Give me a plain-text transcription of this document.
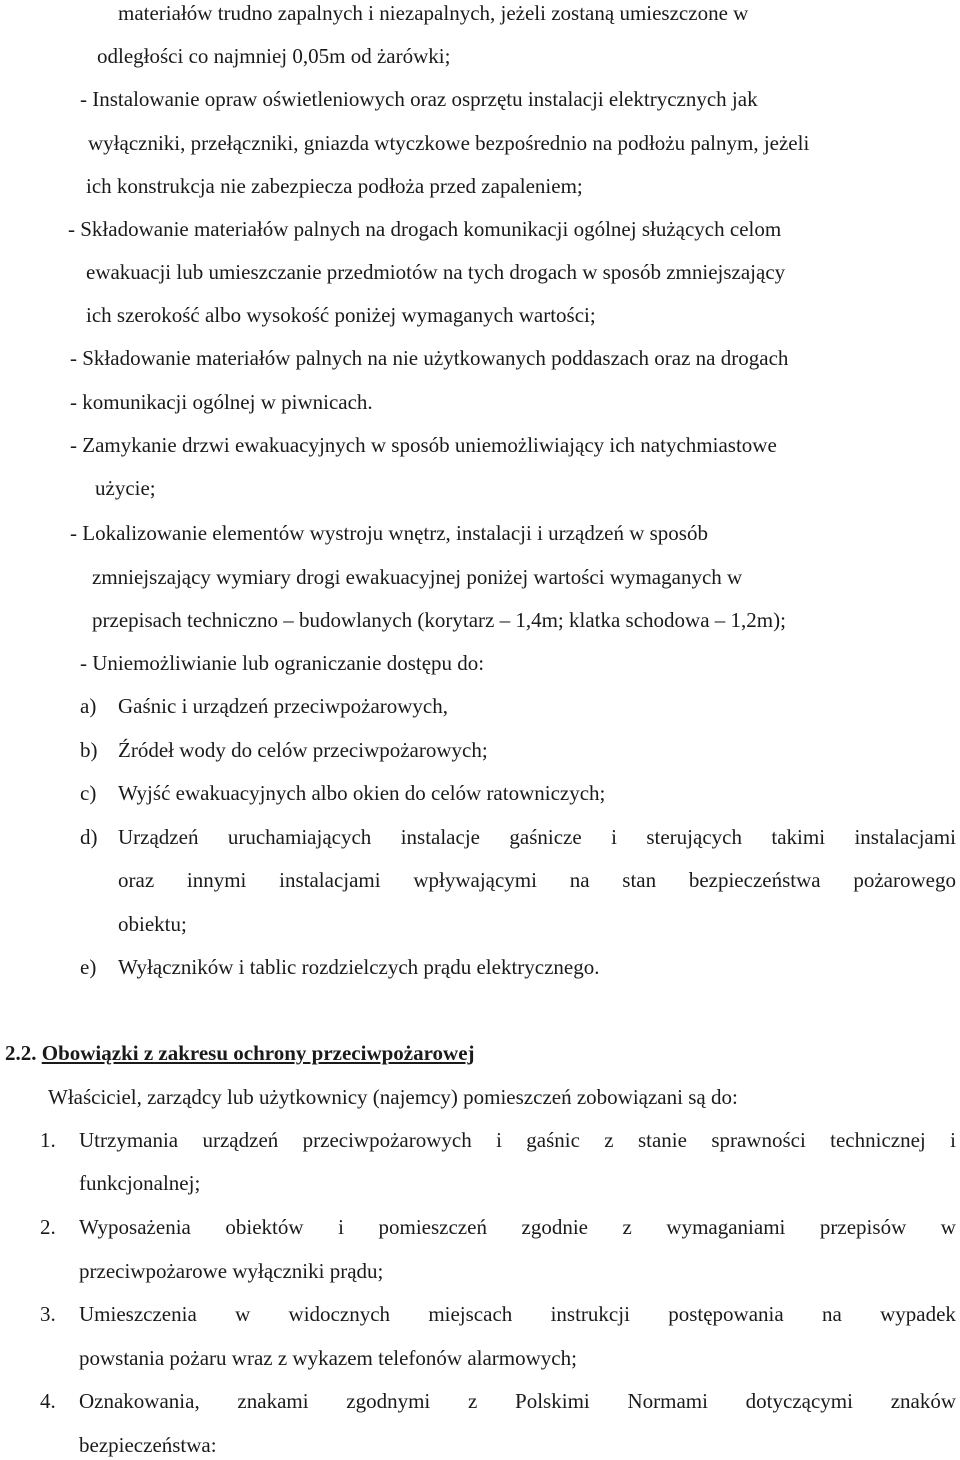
materiałów trudno zapalnych i niezapalnych, jeżeli zostaną umieszczone w
odległości co najmniej 0,05m od żarówki;
- Instalowanie opraw oświetleniowych oraz osprzętu instalacji elektrycznych jak
wyłączniki, przełączniki, gniazda wtyczkowe bezpośrednio na podłożu palnym, jeżeli
ich konstrukcja nie zabezpiecza podłoża przed zapaleniem;
- Składowanie materiałów palnych na drogach komunikacji ogólnej służących celom
ewakuacji lub umieszczanie przedmiotów na tych drogach w sposób zmniejszający
ich szerokość albo wysokość poniżej wymaganych wartości;
- Składowanie materiałów palnych na nie użytkowanych poddaszach oraz na drogach
- komunikacji ogólnej w piwnicach.
- Zamykanie drzwi ewakuacyjnych w sposób uniemożliwiający ich natychmiastowe
użycie;
- Lokalizowanie elementów wystroju wnętrz, instalacji i urządzeń w sposób
zmniejszający wymiary drogi ewakuacyjnej poniżej wartości wymaganych w
przepisach techniczno – budowlanych (korytarz – 1,4m; klatka schodowa – 1,2m);
- Uniemożliwianie lub ograniczanie dostępu do:
a) Gaśnic i urządzeń przeciwpożarowych,
b) Źródeł wody do celów przeciwpożarowych;
c) Wyjść ewakuacyjnych albo okien do celów ratowniczych;
d) Urządzeń uruchamiających instalacje gaśnicze i sterujących takimi instalacjami
oraz innymi instalacjami wpływającymi na stan bezpieczeństwa pożarowego
obiektu;
e) Wyłączników i tablic rozdzielczych prądu elektrycznego.
2.2. Obowiązki z zakresu ochrony przeciwpożarowej
Właściciel, zarządcy lub użytkownicy (najemcy) pomieszczeń zobowiązani są do:
1. Utrzymania urządzeń przeciwpożarowych i gaśnic z stanie sprawności technicznej i
funkcjonalnej;
2. Wyposażenia obiektów i pomieszczeń zgodnie z wymaganiami przepisów w
przeciwpożarowe wyłączniki prądu;
3. Umieszczenia w widocznych miejscach instrukcji postępowania na wypadek
powstania pożaru wraz z wykazem telefonów alarmowych;
4. Oznakowania, znakami zgodnymi z Polskimi Normami dotyczącymi znaków
bezpieczeństwa:
